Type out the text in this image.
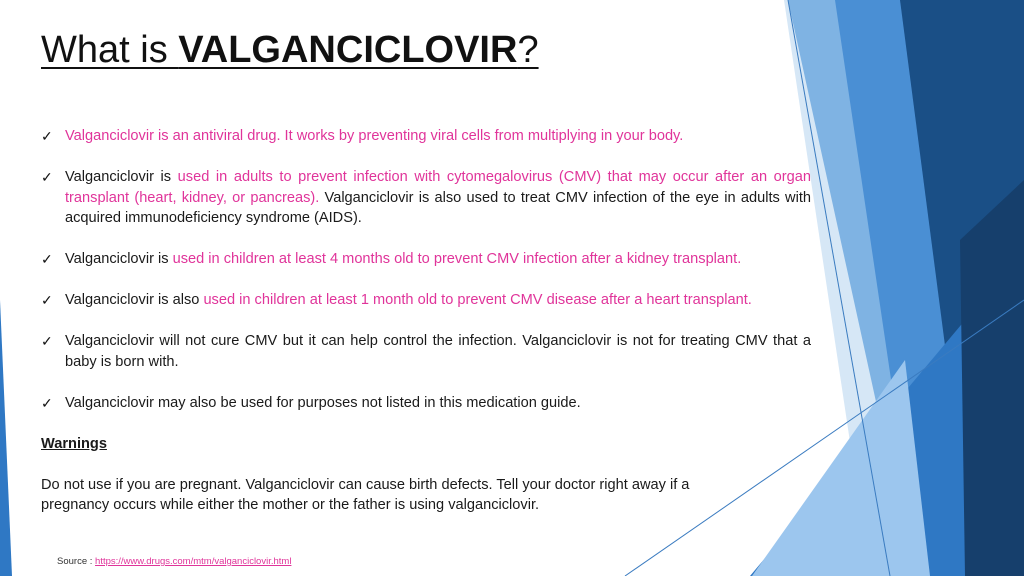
What is VALGANCICLOVIR?
✓ Valganciclovir is an antiviral drug. It works by preventing viral cells from multiplying in your body.
✓ Valganciclovir is used in adults to prevent infection with cytomegalovirus (CMV) that may occur after an organ transplant (heart, kidney, or pancreas). Valganciclovir is also used to treat CMV infection of the eye in adults with acquired immunodeficiency syndrome (AIDS).
✓ Valganciclovir is used in children at least 4 months old to prevent CMV infection after a kidney transplant.
✓ Valganciclovir is also used in children at least 1 month old to prevent CMV disease after a heart transplant.
✓ Valganciclovir will not cure CMV but it can help control the infection. Valganciclovir is not for treating CMV that a baby is born with.
✓ Valganciclovir may also be used for purposes not listed in this medication guide.
Warnings

Do not use if you are pregnant. Valganciclovir can cause birth defects. Tell your doctor right away if a pregnancy occurs while either the mother or the father is using valganciclovir.

Source : https://www.drugs.com/mtm/valganciclovir.html
